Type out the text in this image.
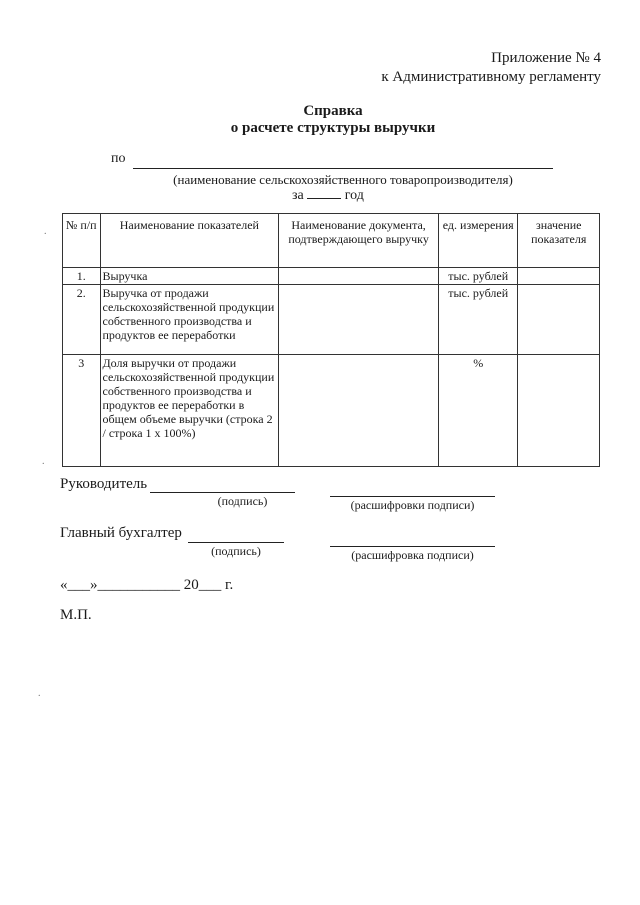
Приложение № 4
к Административному регламенту
Справка
о расчете структуры выручки
по
(наименование сельскохозяйственного товаропроизводителя)
за	год
.
.
.
№ п/п	Наименование показателей	Наименование документа, подтверждающего выручку	ед. измерения	значение показателя
1.	Выручка		тыс. рублей	
2.	Выручка от продажи сельскохозяйственной продукции собственного производства и продуктов ее переработки		тыс. рублей	
3	Доля выручки от продажи сельскохозяйственной продукции собственного производства и продуктов ее переработки в общем объеме выручки (строка 2 / строка 1 х 100%)		%	
Руководитель
(подпись)	(расшифровки подписи)
Главный бухгалтер
(подпись)	(расшифровка подписи)
«___»___________ 20___ г.
М.П.
